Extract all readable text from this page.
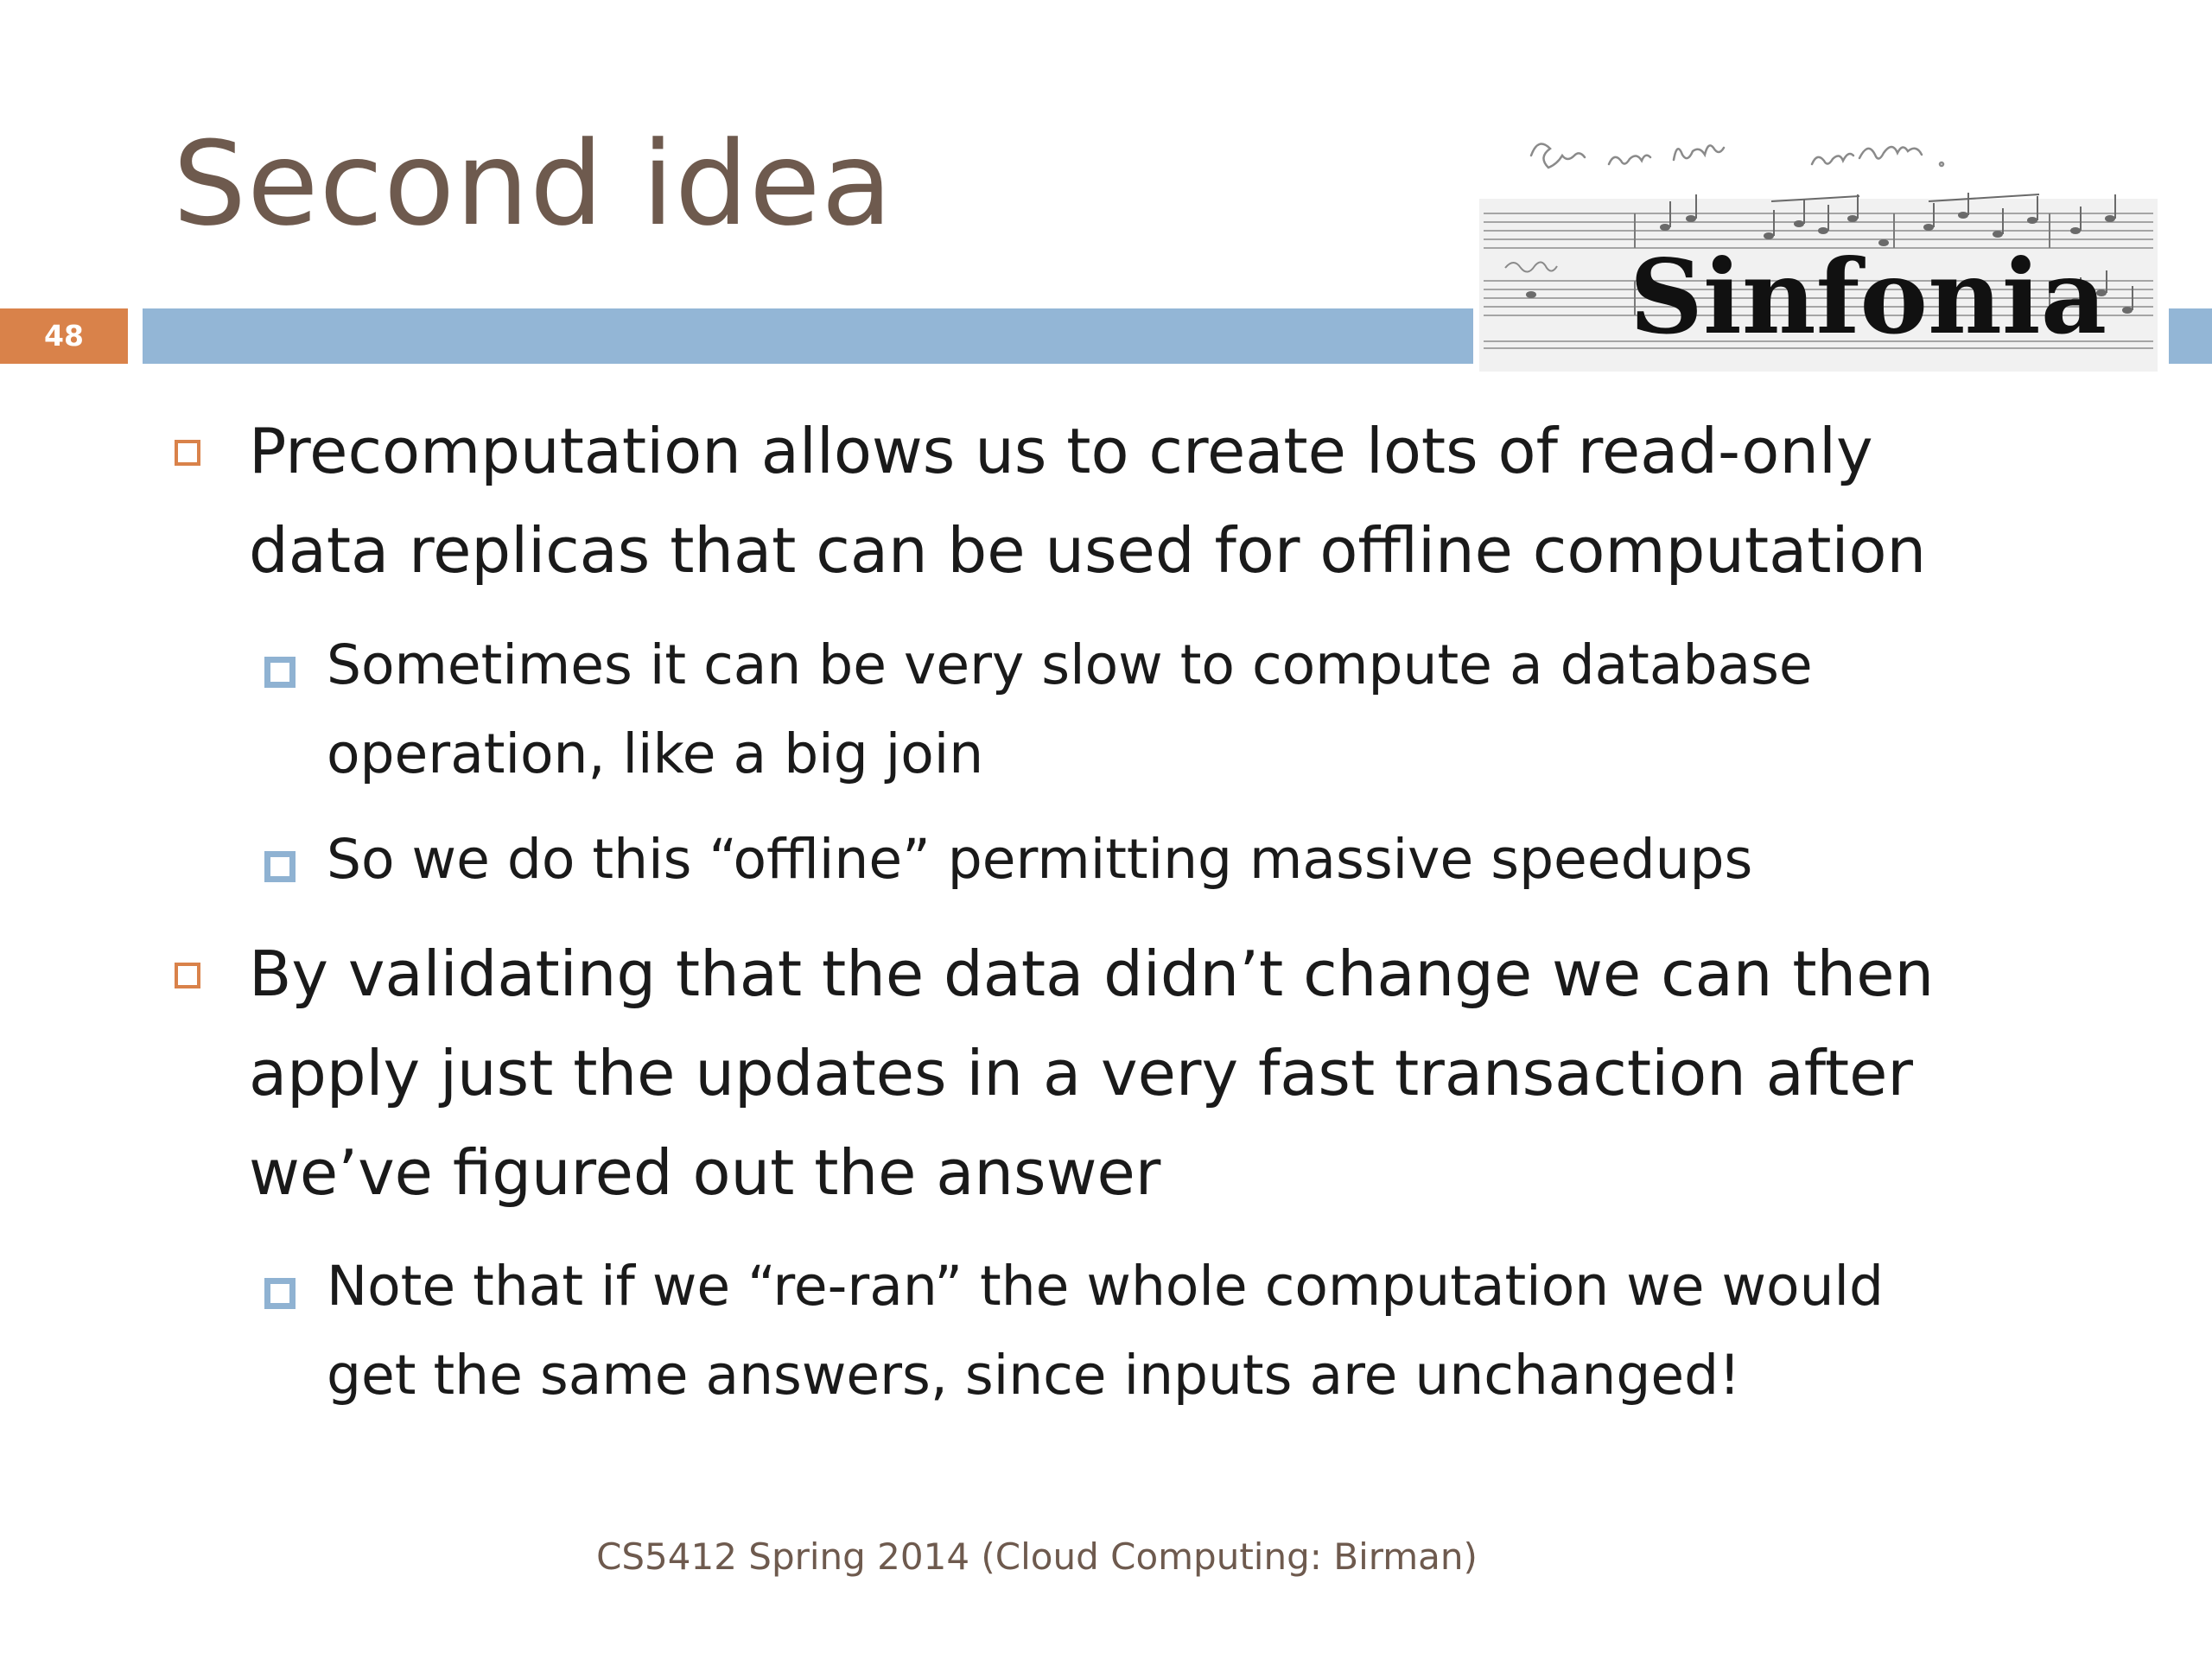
Second idea
48	Sinfonia
Precomputation allows us to create lots of read-only
data replicas that can be used for offline computation
Sometimes it can be very slow to compute a database
operation, like a big join
So we do this “offline” permitting massive speedups
By validating that the data didn’t change we can then
apply just the updates in a very fast transaction after
we’ve figured out the answer
Note that if we “re-ran” the whole computation we would
get the same answers, since inputs are unchanged!
CS5412 Spring 2014 (Cloud Computing: Birman)
